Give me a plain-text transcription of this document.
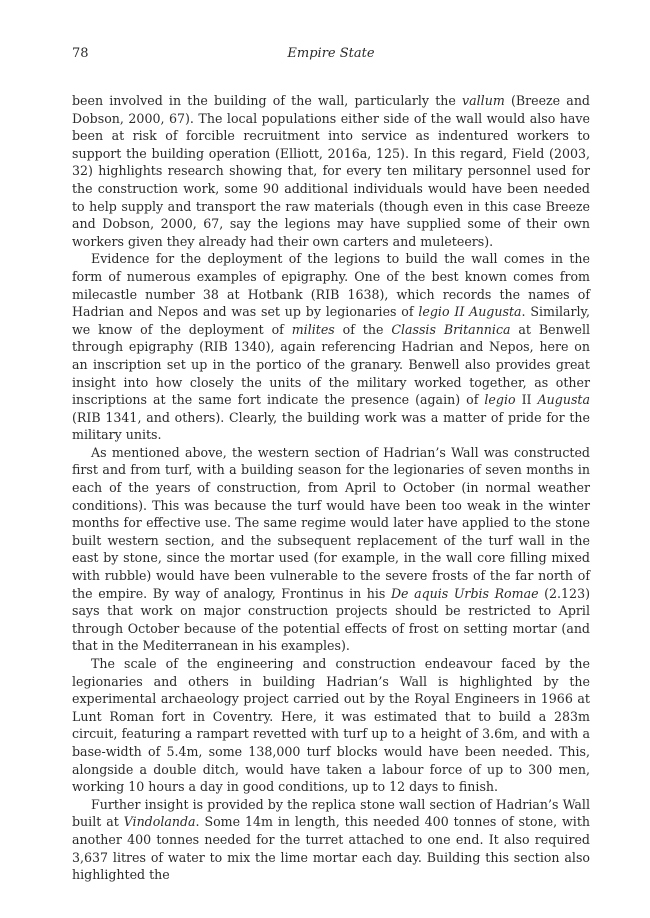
78	Empire State

been involved in the building of the wall, particularly the vallum (Breeze and Dobson, 2000, 67). The local populations either side of the wall would also have been at risk of forcible recruitment into service as indentured workers to support the building operation (Elliott, 2016a, 125). In this regard, Field (2003, 32) highlights research showing that, for every ten military personnel used for the construction work, some 90 additional individuals would have been needed to help supply and transport the raw materials (though even in this case Breeze and Dobson, 2000, 67, say the legions may have supplied some of their own workers given they already had their own carters and muleteers).

Evidence for the deployment of the legions to build the wall comes in the form of numerous examples of epigraphy. One of the best known comes from milecastle number 38 at Hotbank (RIB 1638), which records the names of Hadrian and Nepos and was set up by legionaries of legio II Augusta. Similarly, we know of the deployment of milites of the Classis Britannica at Benwell through epigraphy (RIB 1340), again referencing Hadrian and Nepos, here on an inscription set up in the portico of the granary. Benwell also provides great insight into how closely the units of the military worked together, as other inscriptions at the same fort indicate the presence (again) of legio II Augusta (RIB 1341, and others). Clearly, the building work was a matter of pride for the military units.

As mentioned above, the western section of Hadrian’s Wall was constructed first and from turf, with a building season for the legionaries of seven months in each of the years of construction, from April to October (in normal weather conditions). This was because the turf would have been too weak in the winter months for effective use. The same regime would later have applied to the stone built western section, and the subsequent replacement of the turf wall in the east by stone, since the mortar used (for example, in the wall core filling mixed with rubble) would have been vulnerable to the severe frosts of the far north of the empire. By way of analogy, Frontinus in his De aquis Urbis Romae (2.123) says that work on major construction projects should be restricted to April through October because of the potential effects of frost on setting mortar (and that in the Mediterranean in his examples).

The scale of the engineering and construction endeavour faced by the legionaries and others in building Hadrian’s Wall is highlighted by the experimental archaeology project carried out by the Royal Engineers in 1966 at Lunt Roman fort in Coventry. Here, it was estimated that to build a 283m circuit, featuring a rampart revetted with turf up to a height of 3.6m, and with a base-width of 5.4m, some 138,000 turf blocks would have been needed. This, alongside a double ditch, would have taken a labour force of up to 300 men, working 10 hours a day in good conditions, up to 12 days to finish.

Further insight is provided by the replica stone wall section of Hadrian’s Wall built at Vindolanda. Some 14m in length, this needed 400 tonnes of stone, with another 400 tonnes needed for the turret attached to one end. It also required 3,637 litres of water to mix the lime mortar each day. Building this section also highlighted the
